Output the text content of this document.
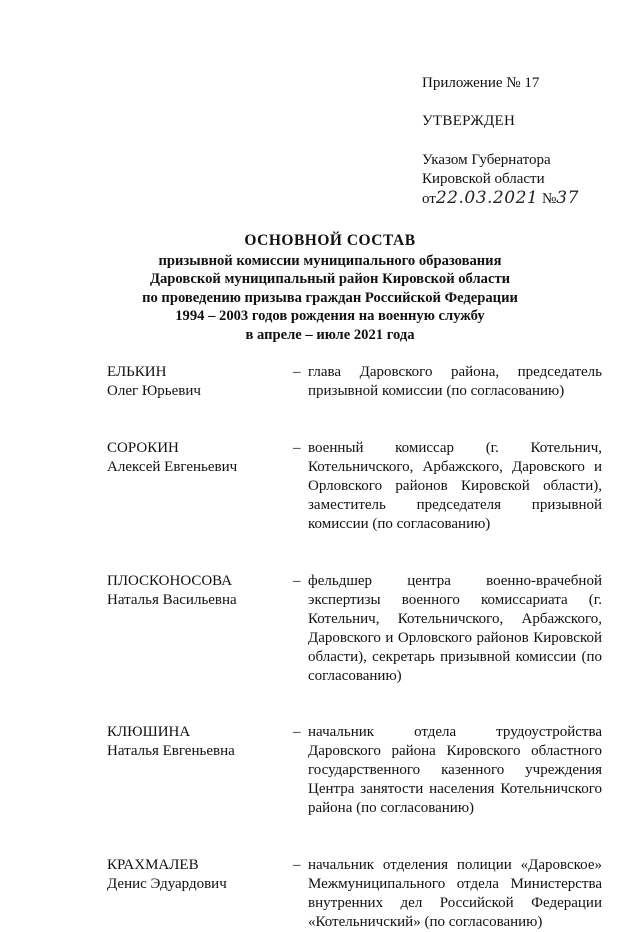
Приложение № 17

УТВЕРЖДЕН

Указом Губернатора

Кировской области

от22.03.2021 №37

ОСНОВНОЙ СОСТАВ
призывной комиссии муниципального образования
Даровской муниципальный район Кировской области
по проведению призыва граждан Российской Федерации
1994 – 2003 годов рождения на военную службу
в апреле – июле 2021 года
ЕЛЬКИН
Олег Юрьевич
– глава Даровского района, председатель призывной комиссии (по согласованию)
СОРОКИН
Алексей Евгеньевич
– военный комиссар (г. Котельнич, Котельничского, Арбажского, Даровского и Орловского районов Кировской области), заместитель председателя призывной комиссии (по согласованию)
ПЛОСКОНОСОВА
Наталья Васильевна
– фельдшер центра военно-врачебной экспертизы военного комиссариата (г. Котельнич, Котельничского, Арбажского, Даровского и Орловского районов Кировской области), секретарь призывной комиссии (по согласованию)
КЛЮШИНА
Наталья Евгеньевна
– начальник отдела трудоустройства Даровского района Кировского областного государственного казенного учреждения Центра занятости населения Котельничского района (по согласованию)
КРАХМАЛЕВ
Денис Эдуардович
– начальник отделения полиции «Даровское» Межмуниципального отдела Министерства внутренних дел Российской Федерации «Котельничский» (по согласованию)
